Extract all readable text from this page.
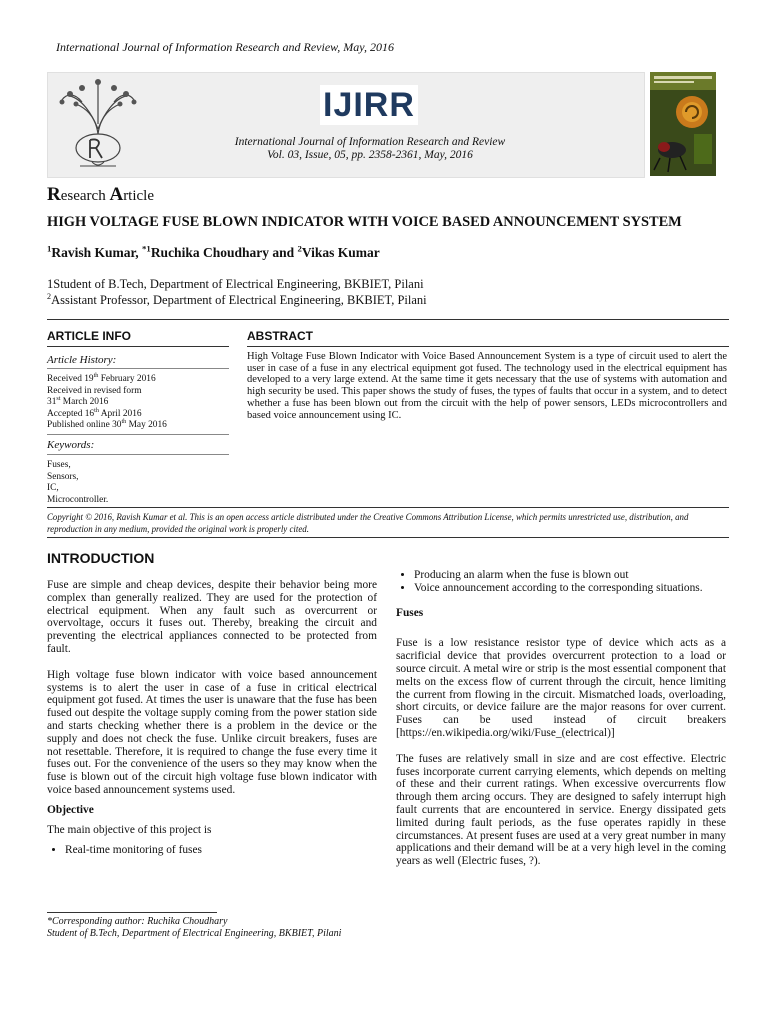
International Journal of Information Research and Review, May, 2016
IJIRR
International Journal of Information Research and Review
Vol. 03, Issue, 05, pp. 2358-2361, May, 2016
Research Article
HIGH VOLTAGE FUSE BLOWN INDICATOR WITH VOICE BASED ANNOUNCEMENT SYSTEM
$^1$Ravish Kumar, $^{*1}$Ruchika Choudhary and $^2$Vikas Kumar
1Student of B.Tech, Department of Electrical Engineering, BKBIET, Pilani
$^2$Assistant Professor, Department of Electrical Engineering, BKBIET, Pilani
ARTICLE INFO	ABSTRACT
Article History:
Received 19th February 2016
Received in revised form
31st March 2016
Accepted 16th April 2016
Published online 30th May 2016
Keywords:
Fuses,
Sensors,
IC,
Microcontroller.
High Voltage Fuse Blown Indicator with Voice Based Announcement System is a type of circuit used to alert the user in case of a fuse in any electrical equipment got fused. The technology used in the electrical equipment has developed to a very large extend. At the same time it gets necessary that the use of systems with automation and high security be used. This paper shows the study of fuses, the types of faults that occur in a system, and to detect whether a fuse has been blown out from the circuit with the help of power sensors, LEDs microcontrollers and based voice announcement using IC.
Copyright © 2016, Ravish Kumar et al. This is an open access article distributed under the Creative Commons Attribution License, which permits unrestricted use, distribution, and reproduction in any medium, provided the original work is properly cited.
INTRODUCTION

Fuse are simple and cheap devices, despite their behavior being more complex than generally realized. They are used for the protection of electrical equipment. When any fault such as overcurrent or overvoltage, occurs it fuses out. Thereby, breaking the circuit and preventing the electrical appliances connected to be protected from fault.

High voltage fuse blown indicator with voice based announcement systems is to alert the user in case of a fuse in critical electrical equipment got fused. At times the user is unaware that the fuse has been fused out despite the voltage supply coming from the power station side and starts checking whether there is a problem in the device or the supply and does not check the fuse. Unlike circuit breakers, fuses are not resettable. Therefore, it is required to change the fuse every time it fuses out. For the convenience of the users so they may know when the fuse is blown out of the circuit high voltage fuse blown indicator with voice based announcement systems used.

Objective

The main objective of this project is

• Real-time monitoring of fuses
• Producing an alarm when the fuse is blown out
• Voice announcement according to the corresponding situations.
Fuses

Fuse is a low resistance resistor type of device which acts as a sacrificial device that provides overcurrent protection to a load or source circuit. A metal wire or strip is the most essential component that melts on the excess flow of current through the circuit, hence limiting the current from flowing in the circuit. Mismatched loads, overloading, short circuits, or device failure are the major reasons for over current. Fuses can be used instead of circuit breakers [https://en.wikipedia.org/wiki/Fuse_(electrical)]

The fuses are relatively small in size and are cost effective. Electric fuses incorporate current carrying elements, which depends on melting of these and their current ratings. When excessive overcurrents flow through them arcing occurs. They are designed to safely interrupt high fault currents that are encountered in service. Energy dissipated gets limited during fault periods, as the fuse operates rapidly in these circumstances. At present fuses are used at a very great number in many applications and their demand will be at a very high level in the coming years as well (Electric fuses, ?).

*Corresponding author: Ruchika Choudhary
Student of B.Tech, Department of Electrical Engineering, BKBIET, Pilani
